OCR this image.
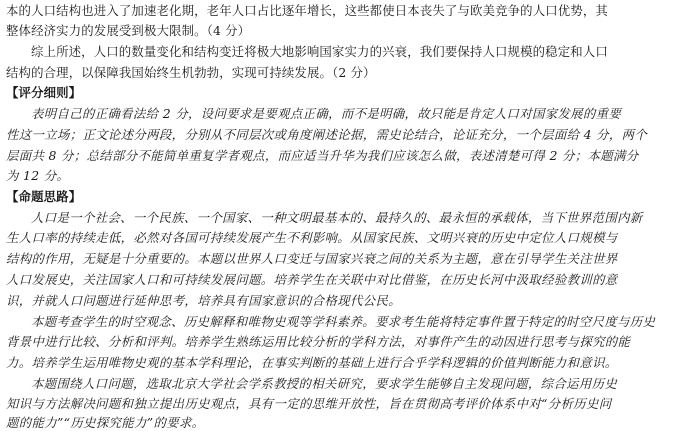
本的人口结构也进入了加速老化期，老年人口占比逐年增长，这些都使日本丧失了与欧美竞争的人口优势，其
整体经济实力的发展受到极大限制。（4 分）
综上所述，人口的数量变化和结构变迁将极大地影响国家实力的兴衰，我们要保持人口规模的稳定和人口
结构的合理，以保障我国始终生机勃勃，实现可持续发展。（2 分）
【评分细则】
表明自己的正确看法给 2 分，设问要求是要观点正确，而不是明确，故只能是肯定人口对国家发展的重要
性这一立场；正文论述分两段，分别从不同层次或角度阐述论据，需史论结合，论证充分，一个层面给 4 分，两个
层面共 8 分；总结部分不能简单重复学者观点，而应适当升华为我们应该怎么做，表述清楚可得 2 分；本题满分
为 12 分。
【命题思路】
人口是一个社会、一个民族、一个国家、一种文明最基本的、最持久的、最永恒的承载体，当下世界范围内新
生人口率的持续走低，必然对各国可持续发展产生不利影响。从国家民族、文明兴衰的历史中定位人口规模与
结构的作用，无疑是十分重要的。本题以世界人口变迁与国家兴衰之间的关系为主题，意在引导学生关注世界
人口发展史，关注国家人口和可持续发展问题。培养学生在关联中对比借鉴，在历史长河中汲取经验教训的意
识，并就人口问题进行延伸思考，培养具有国家意识的合格现代公民。
本题考查学生的时空观念、历史解释和唯物史观等学科素养。要求考生能将特定事件置于特定的时空尺度与历史
背景中进行比较、分析和评判。培养学生熟练运用比较分析的学科方法，对事件产生的动因进行思考与探究的能
力。培养学生运用唯物史观的基本学科理论，在事实判断的基础上进行合乎学科逻辑的价值判断能力和意识。
本题围绕人口问题，选取北京大学社会学系教授的相关研究，要求学生能够自主发现问题，综合运用历史
知识与方法解决问题和独立提出历史观点，具有一定的思维开放性，旨在贯彻高考评价体系中对“分析历史问
题的能力”“历史探究能力”的要求。
